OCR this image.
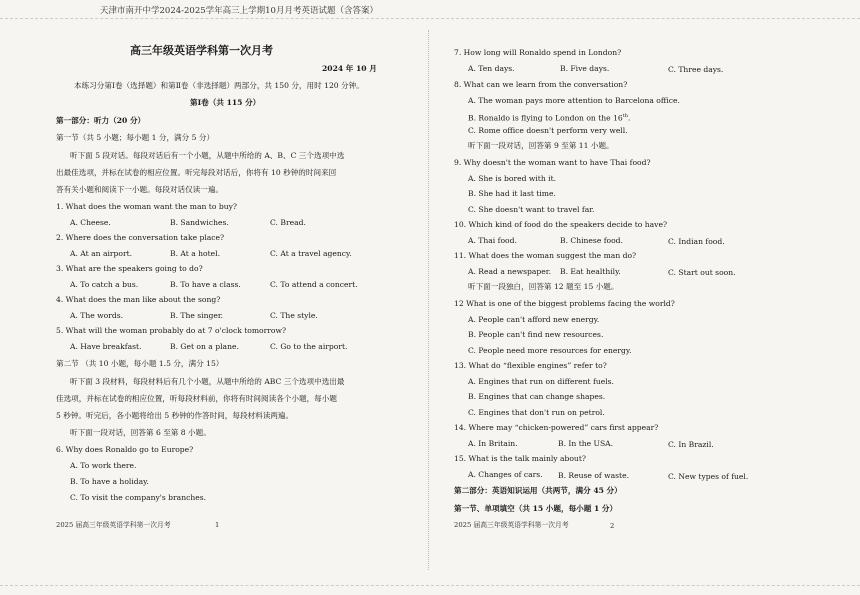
天津市南开中学2024-2025学年高三上学期10月月考英语试题（含答案）
高三年级英语学科第一次月考
2024 年 10 月
本练习分第Ⅰ卷（选择题）和第Ⅱ卷（非选择题）两部分，共 150 分，用时 120 分钟。
第Ⅰ卷（共 115 分）
第一部分：听力（20 分）
第一节（共 5 小题；每小题 1 分，满分 5 分）
听下面 5 段对话。每段对话后有一个小题，从题中所给的 A、B、C 三个选项中选
出最佳选项，并标在试卷的相应位置。听完每段对话后，你将有 10 秒钟的时间来回
答有关小题和阅读下一小题。每段对话仅读一遍。
1. What does the woman want the man to buy?
A. Cheese.	B. Sandwiches.	C. Bread.
2. Where does the conversation take place?
A. At an airport.	B. At a hotel.	C. At a travel agency.
3. What are the speakers going to do?
A. To catch a bus.	B. To have a class.	C. To attend a concert.
4. What does the man like about the song?
A. The words.	B. The singer.	C. The style.
5. What will the woman probably do at 7 o'clock tomorrow?
A. Have breakfast.	B. Get on a plane.	C. Go to the airport.
第二节 （共 10 小题，每小题 1.5 分，满分 15）
听下面 3 段材料，每段材料后有几个小题，从题中所给的 ABC 三个选项中选出最
佳选项，并标在试卷的相应位置，听每段材料前，你将有时间阅读各个小题，每小题
5 秒钟。听完后，各小题将给出 5 秒钟的作答时间，每段材料读两遍。
听下面一段对话，回答第 6 至第 8 小题。
6. Why does Ronaldo go to Europe?
A. To work there.
B. To have a holiday.
C. To visit the company's branches.
2025 届高三年级英语学科第一次月考	1
7. How long will Ronaldo spend in London?
A. Ten days.	B. Five days.	C. Three days.
8. What can we learn from the conversation?
A. The woman pays more attention to Barcelona office.
B. Ronaldo is flying to London on the 16th.
C. Rome office doesn't perform very well.
听下面一段对话，回答第 9 至第 11 小题。
9. Why doesn't the woman want to have Thai food?
A. She is bored with it.
B. She had it last time.
C. She doesn't want to travel far.
10. Which kind of food do the speakers decide to have?
A. Thai food.	B. Chinese food.	C. Indian food.
11. What does the woman suggest the man do?
A. Read a newspaper. B. Eat healthily.	C. Start out soon.
听下面一段独白，回答第 12 题至 15 小题。
12 What is one of the biggest problems facing the world?
A. People can't afford new energy.
B. People can't find new resources.
C. People need more resources for energy.
13. What do “flexible engines” refer to?
A. Engines that run on different fuels.
B. Engines that can change shapes.
C. Engines that don't run on petrol.
14. Where may “chicken-powered” cars first appear?
A. In Britain.	B. In the USA.	C. In Brazil.
15. What is the talk mainly about?
A. Changes of cars. B. Reuse of waste.	C. New types of fuel.
第二部分：英语知识运用（共两节，满分 45 分）
第一节、单项填空（共 15 小题，每小题 1 分）
2025 届高三年级英语学科第一次月考	2
